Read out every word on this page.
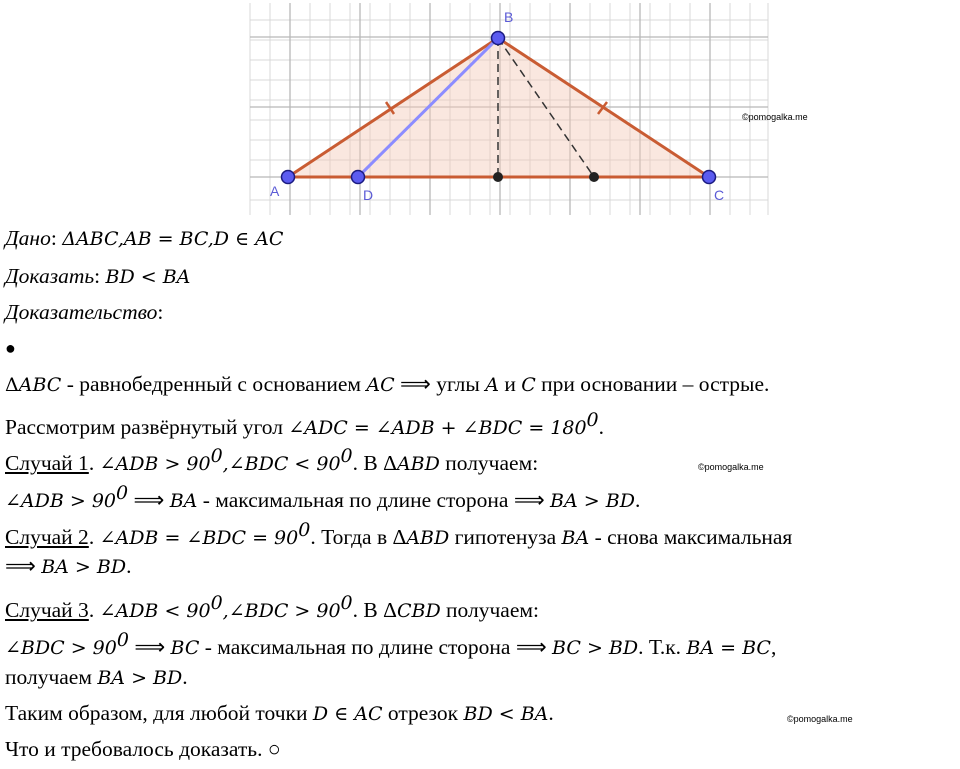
A	D
B
C
©pomogalka.me
©pomogalka.me
©pomogalka.me
Дано: ΔABC,AB = BC,D ∈ AC
Доказать: BD < BA
Доказательство:
●
ΔABC - равнобедренный с основанием AC ⟹ углы A и C при основании – острые.
Рассмотрим развёрнутый угол ∠ADC = ∠ADB + ∠BDC = $180^0$.
Случай 1. ∠ADB > $90^0,\angle BDC < 90^0$. В ΔABD получаем:
∠ADB > $90^0$ ⟹ BA - максимальная по длине сторона ⟹ BA > BD.
Случай 2. ∠ADB = ∠BDC = $90^0$. Тогда в ΔABD гипотенуза BA - снова максимальная
⟹ BA > BD.
Случай 3. ∠ADB < $90^0,\angle BDC > 90^0$. В ΔCBD получаем:
∠BDC > $90^0$ ⟹ BC - максимальная по длине сторона ⟹ BC > BD. Т.к. BA = BC,
получаем BA > BD.
Таким образом, для любой точки D ∈ AC отрезок BD < BA.
Что и требовалось доказать. ○
